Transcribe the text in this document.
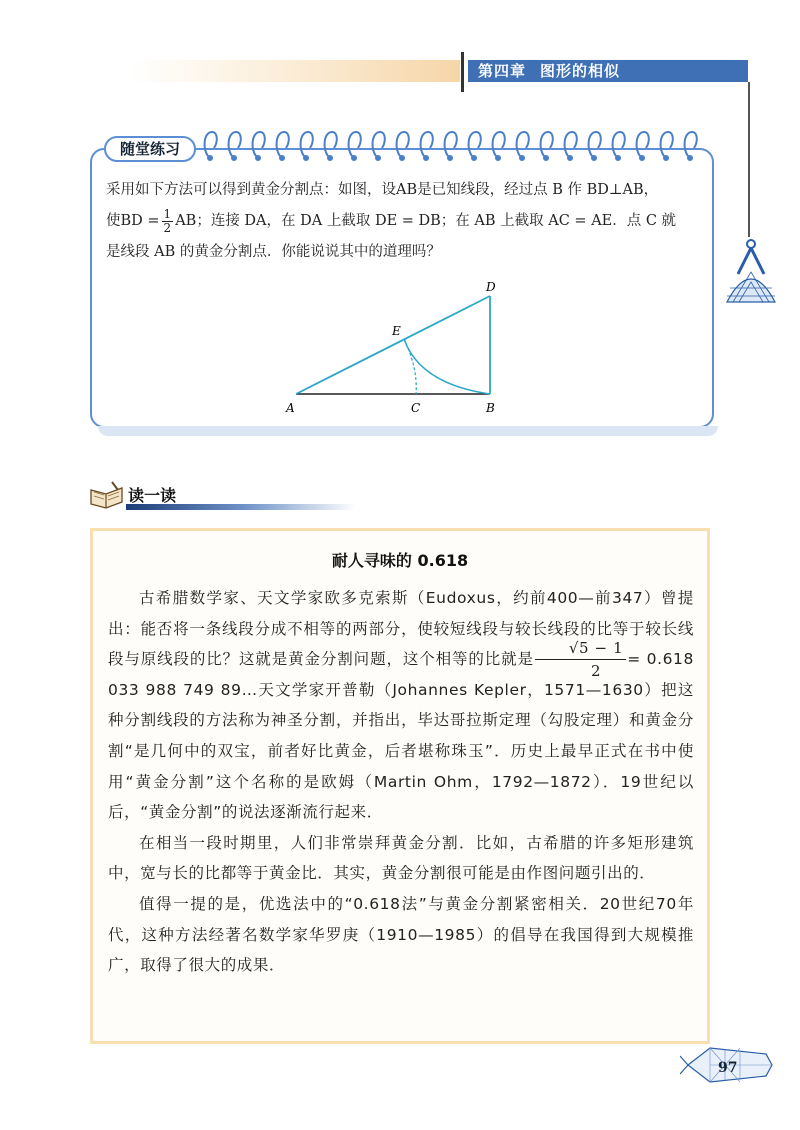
第四章 图形的相似
随堂练习
采用如下方法可以得到黄金分割点：如图，设AB是已知线段，经过点 B 作 BD⊥AB，
使BD = $\frac{1}{2}$ AB；连接 DA，在 DA 上截取 DE = DB；在 AB 上截取 AC = AE．点 C 就
是线段 AB 的黄金分割点．你能说说其中的道理吗？
A	B
C
D
E
读一读
耐人寻味的 0.618

古希腊数学家、天文学家欧多克索斯（Eudoxus，约前400—前347）曾提出：能否将一条线段分成不相等的两部分，使较短线段与较长线段的比等于较长线段与原线段的比？这就是黄金分割问题，这个相等的比就是 $\frac{√5 - 1}{2} = 0.618$ 033 988 749 89…天文学家开普勒（Johannes Kepler，1571—1630）把这种分割线段的方法称为神圣分割，并指出，毕达哥拉斯定理（勾股定理）和黄金分割“是几何中的双宝，前者好比黄金，后者堪称珠玉”．历史上最早正式在书中使用“黄金分割”这个名称的是欧姆（Martin Ohm，1792—1872）．19世纪以后，“黄金分割”的说法逐渐流行起来．

在相当一段时期里，人们非常崇拜黄金分割．比如，古希腊的许多矩形建筑中，宽与长的比都等于黄金比．其实，黄金分割很可能是由作图问题引出的．

值得一提的是，优选法中的“0.618法”与黄金分割紧密相关．20世纪70年代，这种方法经著名数学家华罗庚（1910—1985）的倡导在我国得到大规模推广，取得了很大的成果．

97
